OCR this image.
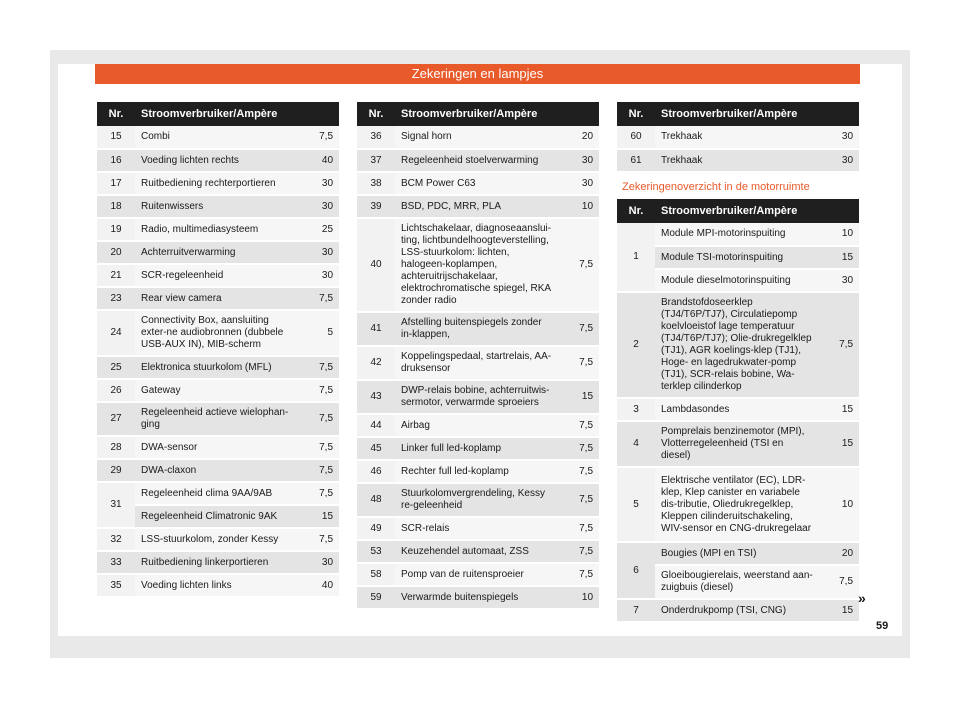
Zekeringen en lampjes
Nr.	Stroomverbruiker/Ampère	
15	Combi	7,5
16	Voeding lichten rechts	40
17	Ruitbediening rechterportieren	30
18	Ruitenwissers	30
19	Radio, multimediasysteem	25
20	Achterruitverwarming	30
21	SCR-regeleenheid	30
23	Rear view camera	7,5
24	Connectivity Box, aansluiting exter-ne audiobronnen (dubbele USB-AUX IN), MIB-scherm	5
25	Elektronica stuurkolom (MFL)	7,5
26	Gateway	7,5
27	Regeleenheid actieve wielophan-ging	7,5
28	DWA-sensor	7,5
29	DWA-claxon	7,5
31	Regeleenheid clima 9AA/9AB	7,5
	Regeleenheid Climatronic 9AK	15
32	LSS-stuurkolom, zonder Kessy	7,5
33	Ruitbediening linkerportieren	30
35	Voeding lichten links	40
Nr.	Stroomverbruiker/Ampère	
36	Signal horn	20
37	Regeleenheid stoelverwarming	30
38	BCM Power C63	30
39	BSD, PDC, MRR, PLA	10
40	Lichtschakelaar, diagnoseaanslui-ting, lichtbundelhoogteverstelling, LSS-stuurkolom: lichten, halogeen-koplampen, achteruitrijschakelaar, elektrochromatische spiegel, RKA zonder radio	7,5
41	Afstelling buitenspiegels zonder in-klappen,	7,5
42	Koppelingspedaal, startrelais, AA-druksensor	7,5
43	DWP-relais bobine, achterruitwis-sermotor, verwarmde sproeiers	15
44	Airbag	7,5
45	Linker full led-koplamp	7,5
46	Rechter full led-koplamp	7,5
48	Stuurkolomvergrendeling, Kessy re-geleenheid	7,5
49	SCR-relais	7,5
53	Keuzehendel automaat, ZSS	7,5
58	Pomp van de ruitensproeier	7,5
59	Verwarmde buitenspiegels	10
Nr.	Stroomverbruiker/Ampère	
60	Trekhaak	30
61	Trekhaak	30
Zekeringenoverzicht in de motorruimte
Nr.	Stroomverbruiker/Ampère	
1	Module MPI-motorinspuiting	10
	Module TSI-motorinspuiting	15
	Module dieselmotorinspuiting	30
2	Brandstofdoseerklep (TJ4/T6P/TJ7), Circulatiepomp koelvloeistof lage temperatuur (TJ4/T6P/TJ7); Olie-drukregelklep (TJ1), AGR koelings-klep (TJ1), Hoge- en lagedrukwater-pomp (TJ1), SCR-relais bobine, Wa-terklep cilinderkop	7,5
3	Lambdasondes	15
4	Pomprelais benzinemotor (MPI), Vlotterregeleenheid (TSI en diesel)	15
5	Elektrische ventilator (EC), LDR-klep, Klep canister en variabele dis-tributie, Oliedrukregelklep, Kleppen cilinderuitschakeling, WIV-sensor en CNG-drukregelaar	10
6	Bougies (MPI en TSI)	20
	Gloeibougierelais, weerstand aan-zuigbuis (diesel)	7,5
7	Onderdrukpomp (TSI, CNG)	15
»
59
